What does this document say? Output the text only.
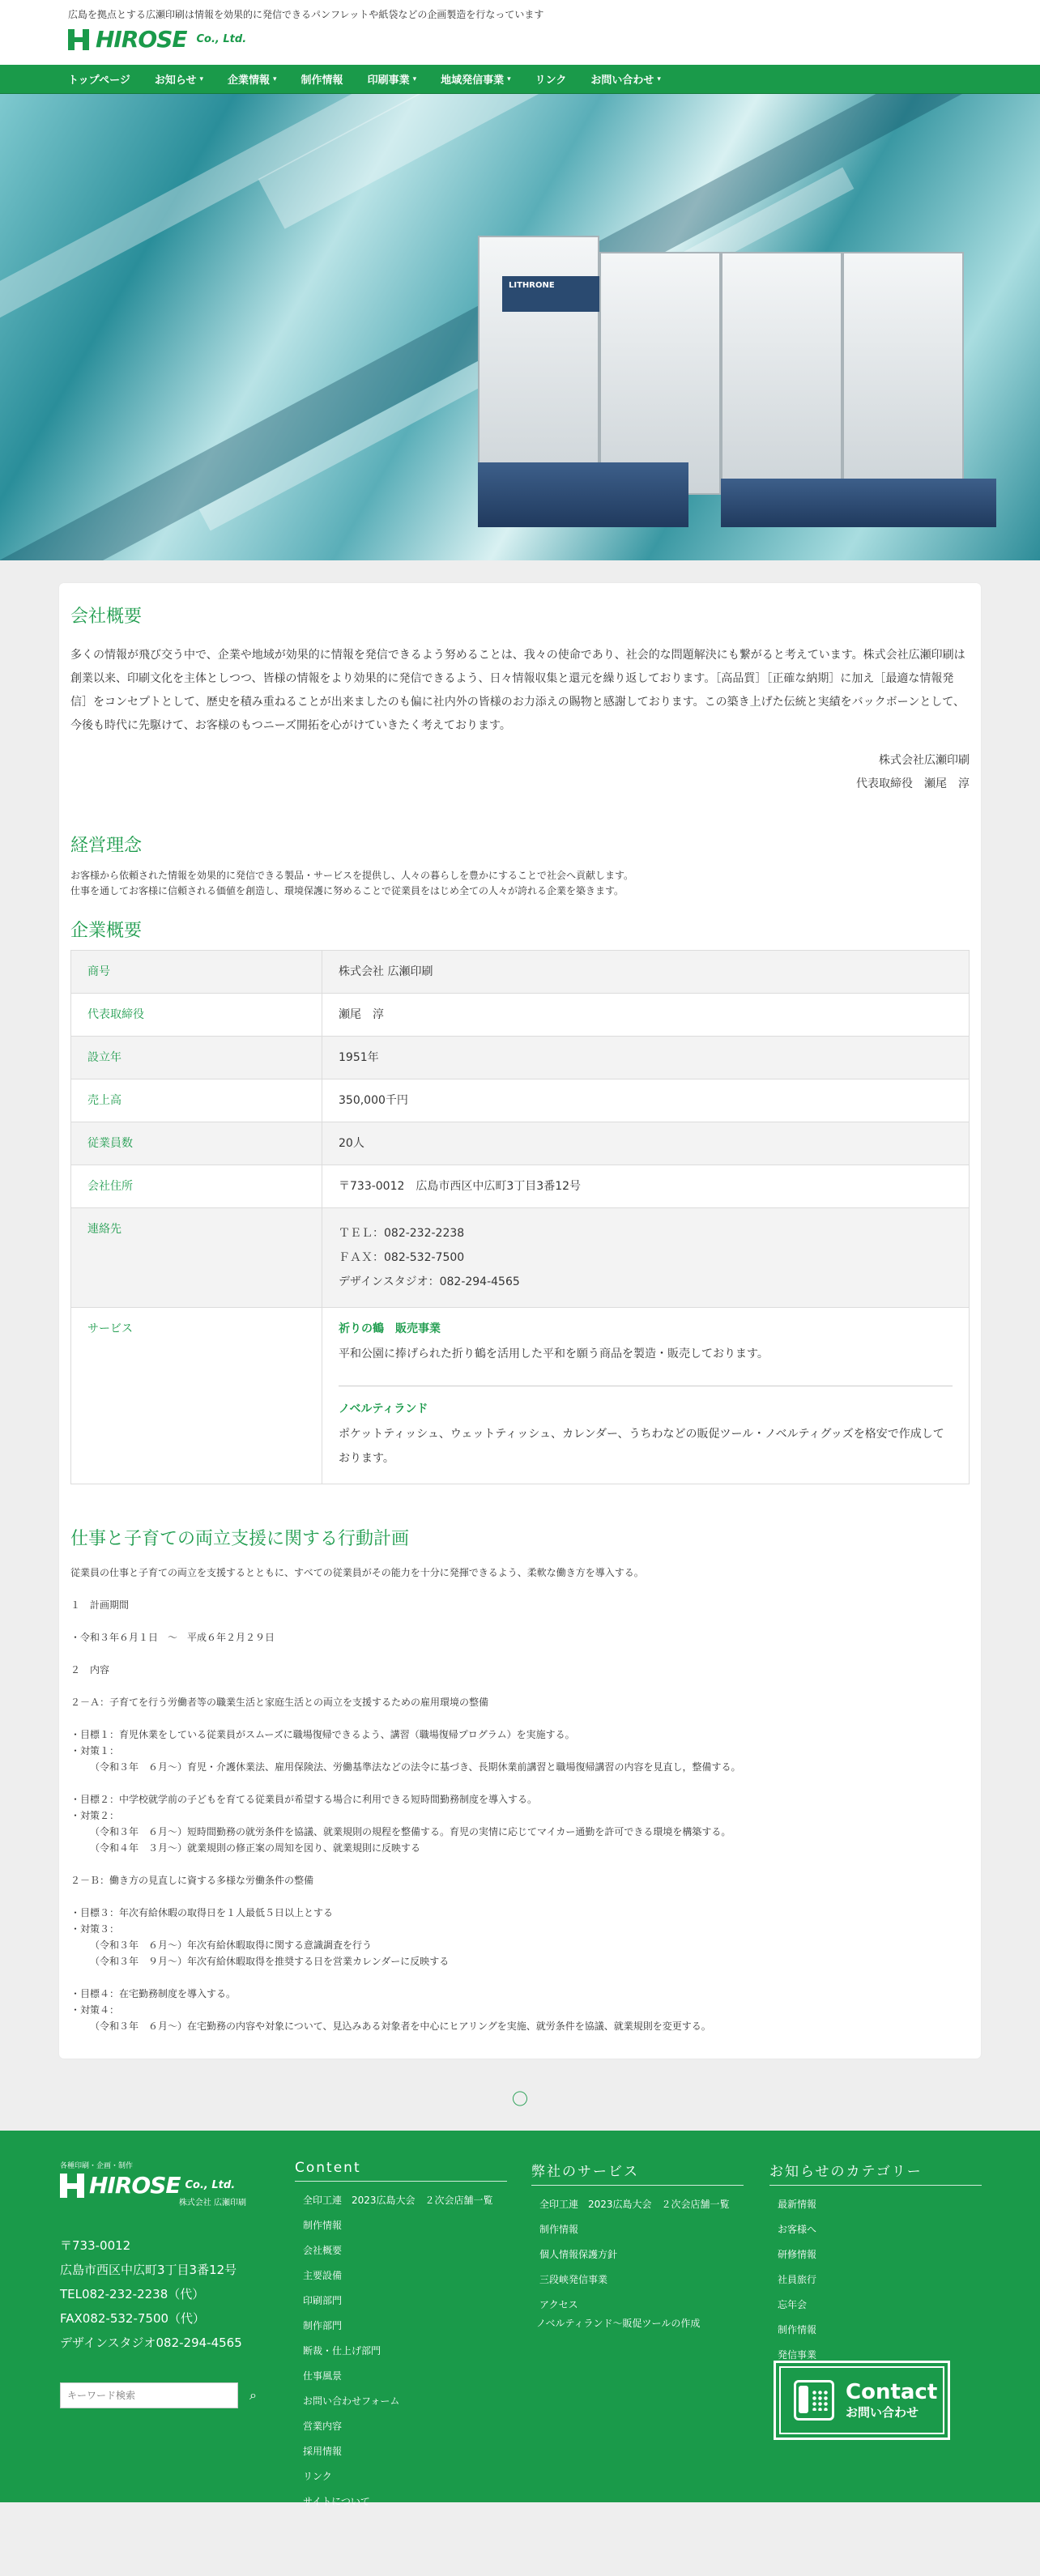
広島を拠点とする広瀬印刷は情報を効果的に発信できるパンフレットや紙袋などの企画製造を行なっています
HIROSE Co., Ltd.
トップページ お知らせ ▾ 企業情報 ▾ 制作情報 印刷事業 ▾ 地域発信事業 ▾ リンク お問い合わせ ▾
LITHRONE
会社概要

多くの情報が飛び交う中で、企業や地域が効果的に情報を発信できるよう努めることは、我々の使命であり、社会的な問題解決にも繋がると考えています。株式会社広瀬印刷は創業以来、印刷文化を主体としつつ、皆様の情報をより効果的に発信できるよう、日々情報収集と還元を繰り返しております。［高品質］［正確な納期］に加え［最適な情報発信］をコンセプトとして、歴史を積み重ねることが出来ましたのも偏に社内外の皆様のお力添えの賜物と感謝しております。この築き上げた伝統と実績をバックボーンとして、今後も時代に先駆けて、お客様のもつニーズ開拓を心がけていきたく考えております。

株式会社広瀬印刷
代表取締役　瀬尾　淳
経営理念
お客様から依頼された情報を効果的に発信できる製品・サービスを提供し、人々の暮らしを豊かにすることで社会へ貢献します。
仕事を通してお客様に信頼される価値を創造し、環境保護に努めることで従業員をはじめ全ての人々が誇れる企業を築きます。
企業概要
商号	株式会社 広瀬印刷
代表取締役	瀬尾　淳
設立年	1951年
売上高	350,000千円
従業員数	20人
会社住所	〒733-0012　広島市西区中広町3丁目3番12号
連絡先	ＴＥＬ：082-232-2238
ＦＡＸ：082-532-7500
デザインスタジオ：082-294-4565

サービス	祈りの鶴　販売事業
平和公園に捧げられた折り鶴を活用した平和を願う商品を製造・販売しております。
ノベルティランド
ポケットティッシュ、ウェットティッシュ、カレンダー、うちわなどの販促ツール・ノベルティグッズを格安で作成しております。
仕事と子育ての両立支援に関する行動計画

従業員の仕事と子育ての両立を支援するとともに、すべての従業員がその能力を十分に発揮できるよう、柔軟な働き方を導入する。

１　計画期間

・令和３年６月１日　～　平成６年２月２９日

２　内容

２－Ａ：子育てを行う労働者等の職業生活と家庭生活との両立を支援するための雇用環境の整備

・目標１：育児休業をしている従業員がスムーズに職場復帰できるよう、講習（職場復帰プログラム）を実施する。

・対策１：

（令和３年　６月～）育児・介護休業法、雇用保険法、労働基準法などの法令に基づき、長期休業前講習と職場復帰講習の内容を見直し，整備する。

・目標２：中学校就学前の子どもを育てる従業員が希望する場合に利用できる短時間勤務制度を導入する。

・対策２：

（令和３年　６月～）短時間勤務の就労条件を協議、就業規則の規程を整備する。育児の実情に応じてマイカー通勤を許可できる環境を構築する。

（令和４年　３月～）就業規則の修正案の周知を図り、就業規則に反映する

２－Ｂ：働き方の見直しに資する多様な労働条件の整備

・目標３：年次有給休暇の取得日を１人最低５日以上とする

・対策３：

（令和３年　６月～）年次有給休暇取得に関する意識調査を行う

（令和３年　９月～）年次有給休暇取得を推奨する日を営業カレンダーに反映する

・目標４：在宅勤務制度を導入する。

・対策４：

（令和３年　６月～）在宅勤務の内容や対象について、見込みある対象者を中心にヒアリングを実施、就労条件を協議、就業規則を変更する。

〇
各種印刷・企画・制作
HIROSE Co., Ltd.
株式会社 広瀬印刷
〒733-0012
広島市西区中広町3丁目3番12号
TEL082-232-2238（代）
FAX082-532-7500（代）
デザインスタジオ082-294-4565
キーワード検索
⌕
Content
全印工連　2023広島大会　２次会店舗一覧
制作情報
会社概要
主要設備
印刷部門
制作部門
断裁・仕上げ部門
仕事風景
お問い合わせフォーム
営業内容
採用情報
リンク
サイトについて
弊社のサービス
全印工連　2023広島大会　２次会店舗一覧
制作情報
個人情報保護方針
三段峡発信事業
アクセス
ノベルティランド～販促ツールの作成
お知らせのカテゴリー
最新情報
お客様へ
研修情報
社員旅行
忘年会
制作情報
発信事業
Contact
お問い合わせ
